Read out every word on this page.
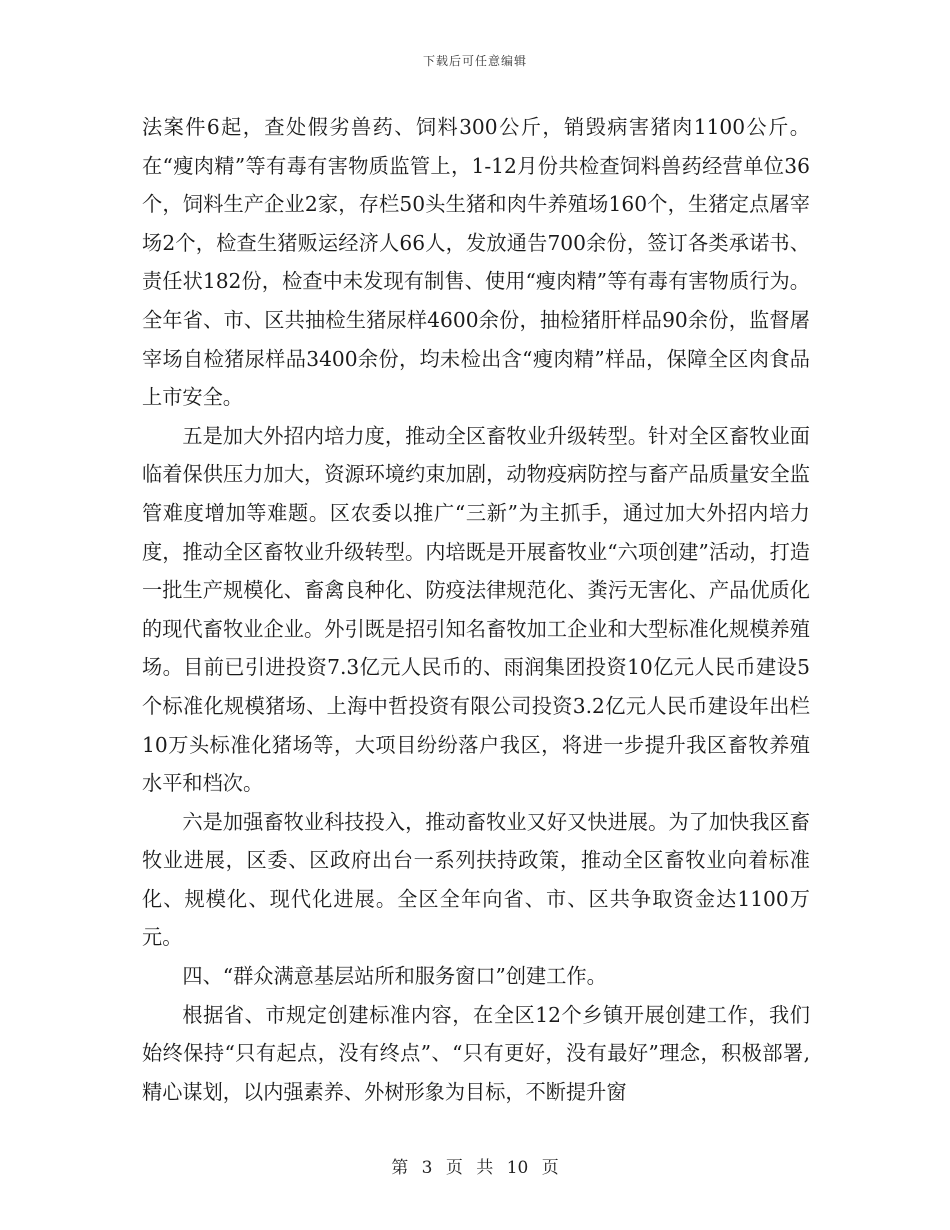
下载后可任意编辑

法案件6起，查处假劣兽药、饲料300公斤，销毁病害猪肉1100公斤。在“瘦肉精”等有毒有害物质监管上，1-12月份共检查饲料兽药经营单位36个，饲料生产企业2家，存栏50头生猪和肉牛养殖场160个，生猪定点屠宰场2个，检查生猪贩运经济人66人，发放通告700余份，签订各类承诺书、责任状182份，检查中未发现有制售、使用“瘦肉精”等有毒有害物质行为。全年省、市、区共抽检生猪尿样4600余份，抽检猪肝样品90余份，监督屠宰场自检猪尿样品3400余份，均未检出含“瘦肉精”样品，保障全区肉食品上市安全。

五是加大外招内培力度，推动全区畜牧业升级转型。针对全区畜牧业面临着保供压力加大，资源环境约束加剧，动物疫病防控与畜产品质量安全监管难度增加等难题。区农委以推广“三新”为主抓手，通过加大外招内培力度，推动全区畜牧业升级转型。内培既是开展畜牧业“六项创建”活动，打造一批生产规模化、畜禽良种化、防疫法律规范化、粪污无害化、产品优质化的现代畜牧业企业。外引既是招引知名畜牧加工企业和大型标准化规模养殖场。目前已引进投资7.3亿元人民币的、雨润集团投资10亿元人民币建设5个标准化规模猪场、上海中哲投资有限公司投资3.2亿元人民币建设年出栏10万头标准化猪场等，大项目纷纷落户我区，将进一步提升我区畜牧养殖水平和档次。

六是加强畜牧业科技投入，推动畜牧业又好又快进展。为了加快我区畜牧业进展，区委、区政府出台一系列扶持政策，推动全区畜牧业向着标准化、规模化、现代化进展。全区全年向省、市、区共争取资金达1100万元。

四、“群众满意基层站所和服务窗口”创建工作。

根据省、市规定创建标准内容，在全区12个乡镇开展创建工作，我们始终保持“只有起点，没有终点”、“只有更好，没有最好”理念，积极部署,精心谋划，以内强素养、外树形象为目标，不断提升窗

第 3 页 共 10 页
